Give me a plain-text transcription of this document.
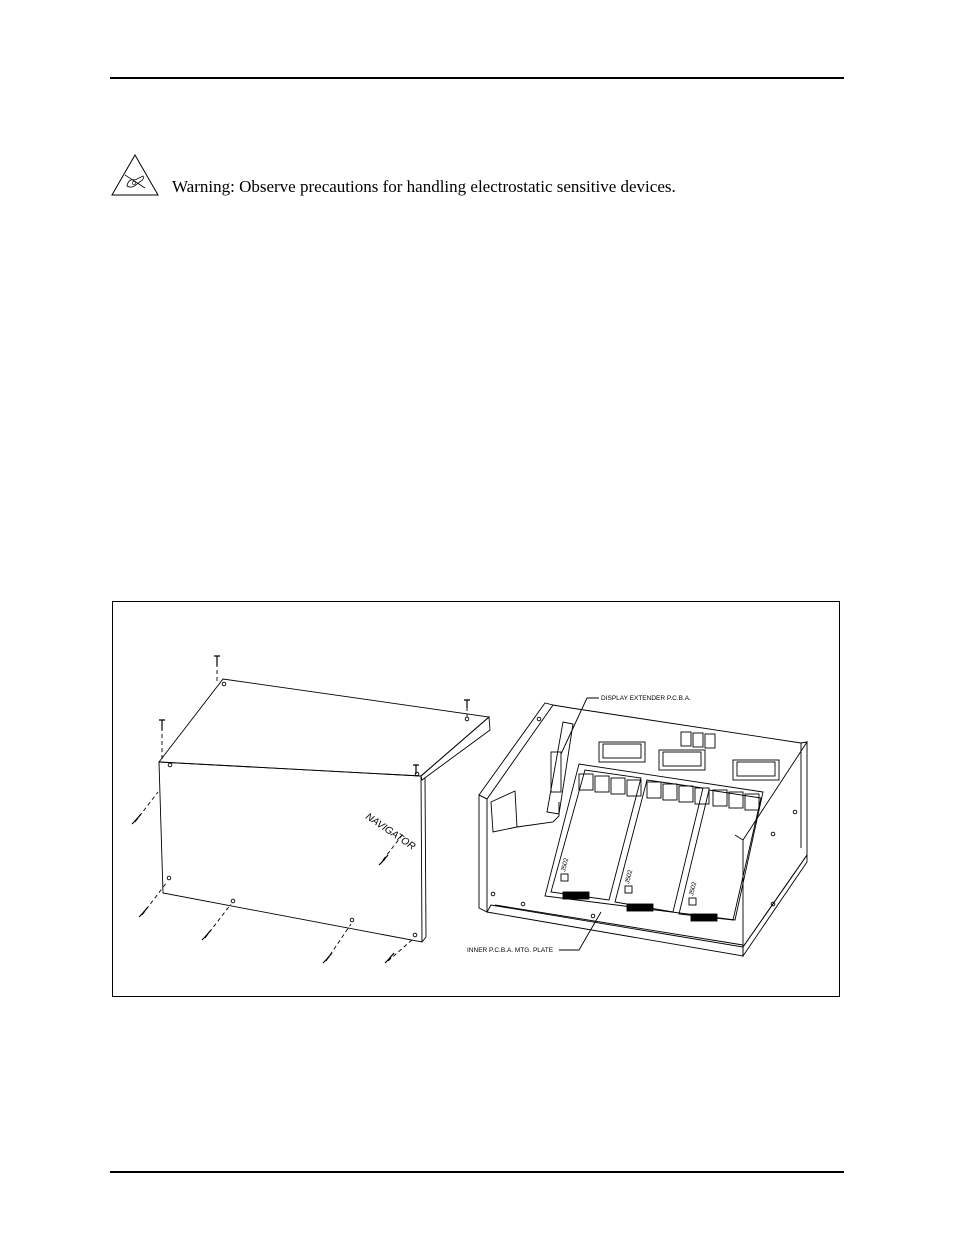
Warning: Observe precautions for handling electrostatic sensitive devices.
DISPLAY EXTENDER P.C.B.A.
INNER P.C.B.A. MTG. PLATE
NAVIGATOR
J502
J502
J502
